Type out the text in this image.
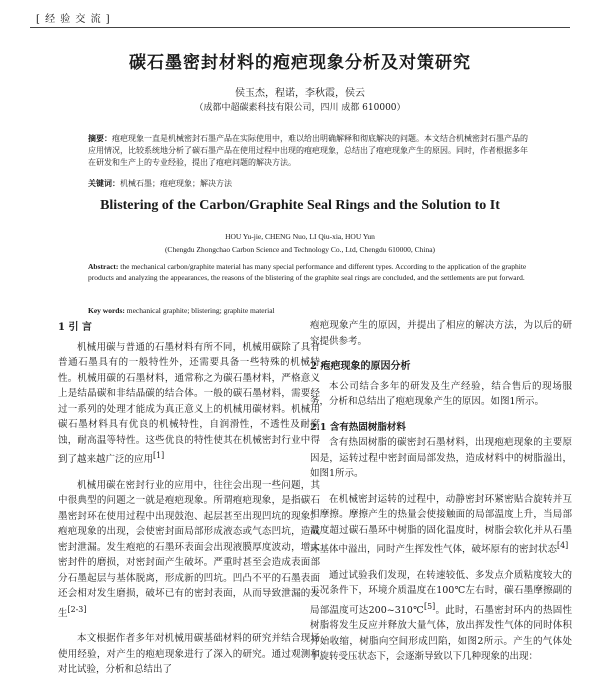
[ 经 验 交 流 ]
碳石墨密封材料的疱疤现象分析及对策研究
侯玉杰，程诺，李秋霞，侯云
（成都中超碳素科技有限公司，四川 成都 610000）
摘要：疱疤现象一直是机械密封石墨产品在实际使用中，难以给出明确解释和彻底解决的问题。本文结合机械密封石墨产品的应用情况，比较系统地分析了碳石墨产品在使用过程中出现的疱疤现象，总结出了疱疤现象产生的原因。同时，作者根据多年在研发和生产上的专业经验，提出了疱疤问题的解决方法。
关键词：机械石墨；疱疤现象；解决方法
Blistering of the Carbon/Graphite Seal Rings and the Solution to It
HOU Yu-jie, CHENG Nuo, LI Qiu-xia, HOU Yun
(Chengdu Zhongchao Carbon Science and Technology Co., Ltd, Chengdu 610000, China)
Abstract: the mechanical carbon/graphite material has many special performance and different types. According to the application of the graphite products and analyzing the appearances, the reasons of the blistering of the graphite seal rings are concluded, and the settlements are put forward.
Key words: mechanical graphite; blistering; graphite material
1 引 言

机械用碳与普通的石墨材料有所不同，机械用碳除了具有普通石墨具有的一般特性外，还需要具备一些特殊的机械特性。机械用碳的石墨材料，通常称之为碳石墨材料，严格意义上是结晶碳和非结晶碳的结合体。一般的碳石墨材料，需要经过一系列的处理才能成为真正意义上的机械用碳材料。机械用碳石墨材料具有优良的机械特性，自润滑性，不透性及耐腐蚀，耐高温等特性。这些优良的特性使其在机械密封行业中得到了越来越广泛的应用[1]

机械用碳在密封行业的应用中，往往会出现一些问题，其中很典型的问题之一就是疱疤现象。所谓疱疤现象，是指碳石墨密封环在使用过程中出现鼓泡、起层甚至出现凹坑的现象。疱疤现象的出现，会使密封面局部形成液态或气态凹坑，造成密封泄漏。发生疱疤的石墨环表面会出现液膜厚度波动，增大密封件的磨损，对密封面产生破坏。严重时甚至会造成表面部分石墨起层与基体脱离，形成新的凹坑。凹凸不平的石墨表面还会相对发生磨损，破坏已有的密封表面，从而导致泄漏的发生[2-3]

本文根据作者多年对机械用碳基础材料的研究并结合现场使用经验，对产生的疱疤现象进行了深入的研究。通过观测和对比试验，分析和总结出了

疱疤现象产生的原因，并提出了相应的解决方法，为以后的研究提供参考。

2 疱疤现象的原因分析

本公司结合多年的研发及生产经验，结合售后的现场服务，分析和总结出了疱疤现象产生的原因。如图1所示。

2.1 含有热固树脂材料

含有热固树脂的碳密封石墨材料，出现疱疤现象的主要原因是，运转过程中密封面局部发热，造成材料中的树脂溢出，如图1所示。

在机械密封运转的过程中，动静密封环紧密贴合旋转并互相摩擦。摩擦产生的热量会使接触面的局部温度上升，当局部温度超过碳石墨环中树脂的固化温度时，树脂会软化并从石墨环基体中溢出，同时产生挥发性气体，破坏原有的密封状态[4]

通过试验我们发现，在转速较低、多发点介质粘度较大的工况条件下，环境介质温度在100℃左右时，碳石墨摩擦副的局部温度可达200~310℃[5]。此时，石墨密封环内的热固性树脂将发生反应并释放大量气体，放出挥发性气体的同时体积开始收缩，树脂向空间形成凹陷，如图2所示。产生的气体处于旋转受压状态下，会逐渐导致以下几种现象的出现：
